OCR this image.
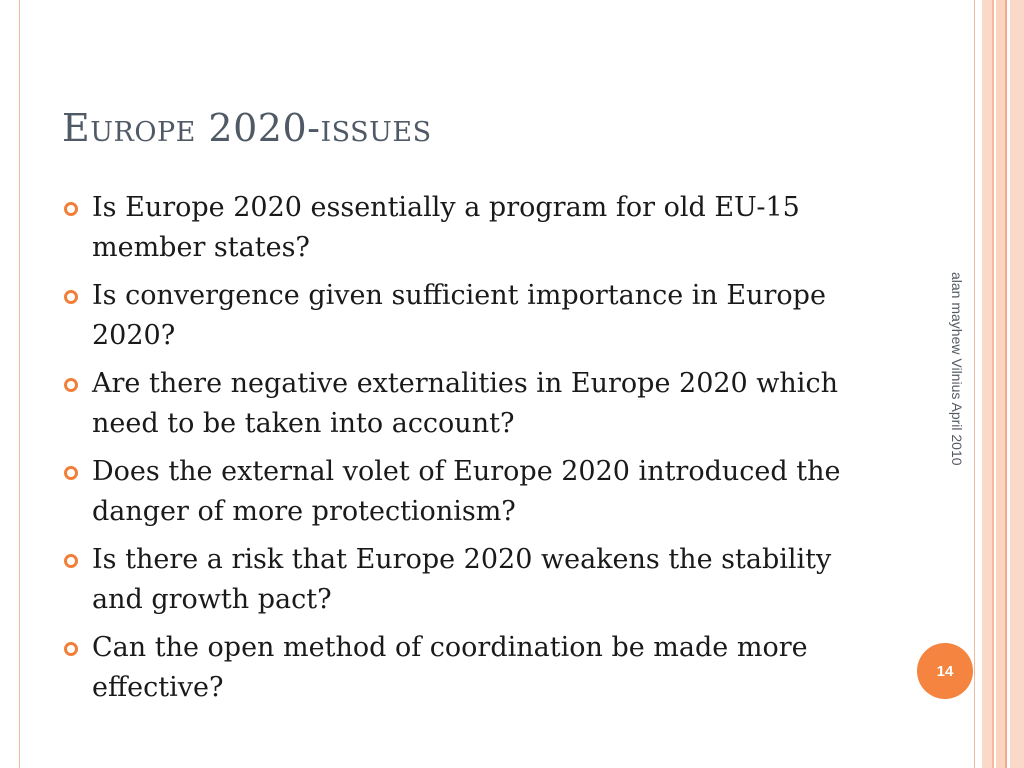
Europe 2020-issues
Is Europe 2020 essentially a program for old EU-15 member states?
Is convergence given sufficient importance in Europe 2020?
Are there negative externalities in Europe 2020 which need to be taken into account?
Does the external volet of Europe 2020 introduced the danger of more protectionism?
Is there a risk that Europe 2020 weakens the stability and growth pact?
Can the open method of coordination be made more effective?
alan mayhew Vilnius April 2010
14
